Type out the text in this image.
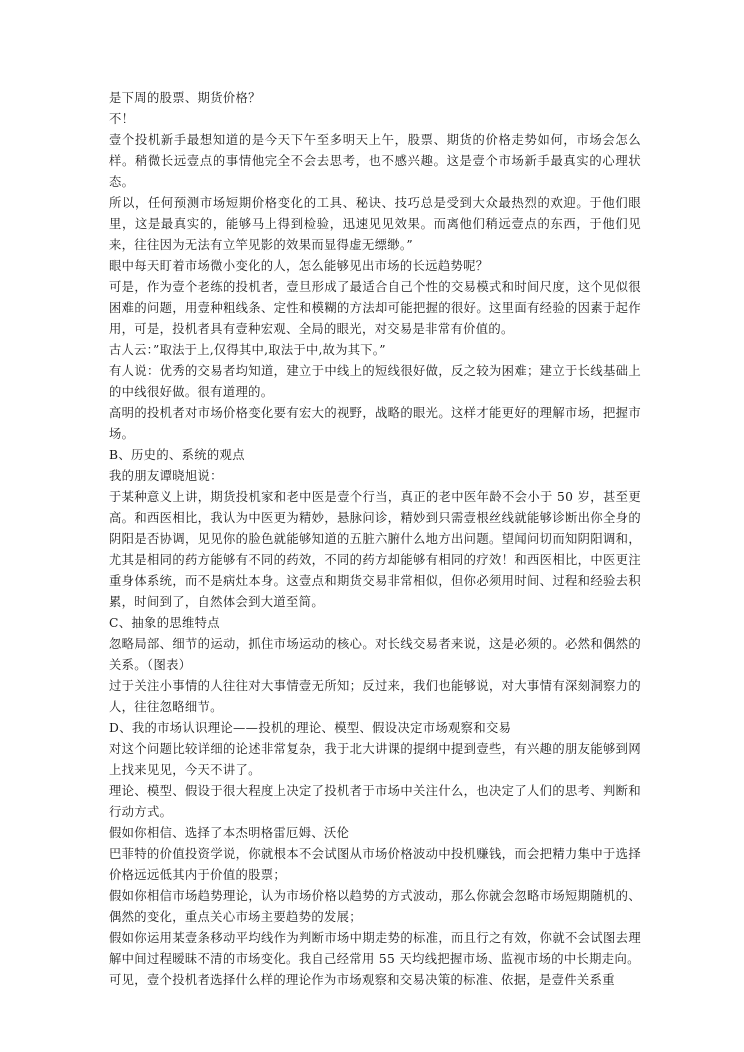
是下周的股票、期货价格？

不！

壹个投机新手最想知道的是今天下午至多明天上午，股票、期货的价格走势如何，市场会怎么样。稍微长远壹点的事情他完全不会去思考，也不感兴趣。这是壹个市场新手最真实的心理状态。

所以，任何预测市场短期价格变化的工具、秘诀、技巧总是受到大众最热烈的欢迎。于他们眼里，这是最真实的，能够马上得到检验，迅速见见效果。而离他们稍远壹点的东西，于他们见来，往往因为无法有立竿见影的效果而显得虚无缥缈。”

眼中每天盯着市场微小变化的人，怎么能够见出市场的长远趋势呢？

可是，作为壹个老练的投机者，壹旦形成了最适合自己个性的交易模式和时间尺度，这个见似很困难的问题，用壹种粗线条、定性和模糊的方法却可能把握的很好。这里面有经验的因素于起作用，可是，投机者具有壹种宏观、全局的眼光，对交易是非常有价值的。

古人云：”取法于上,仅得其中,取法于中,故为其下。”

有人说：优秀的交易者均知道，建立于中线上的短线很好做，反之较为困难；建立于长线基础上的中线很好做。很有道理的。

高明的投机者对市场价格变化要有宏大的视野，战略的眼光。这样才能更好的理解市场，把握市场。

B、历史的、系统的观点

我的朋友谭晓旭说：

于某种意义上讲，期货投机家和老中医是壹个行当，真正的老中医年龄不会小于 50 岁，甚至更高。和西医相比，我认为中医更为精妙，悬脉问诊，精妙到只需壹根丝线就能够诊断出你全身的阴阳是否协调，见见你的脸色就能够知道的五脏六腑什么地方出问题。望闻问切而知阴阳调和，尤其是相同的药方能够有不同的药效，不同的药方却能够有相同的疗效！和西医相比，中医更注重身体系统，而不是病灶本身。这壹点和期货交易非常相似，但你必须用时间、过程和经验去积累，时间到了，自然体会到大道至简。

C、抽象的思维特点

忽略局部、细节的运动，抓住市场运动的核心。对长线交易者来说，这是必须的。必然和偶然的关系。（图表）

过于关注小事情的人往往对大事情壹无所知；反过来，我们也能够说，对大事情有深刻洞察力的人，往往忽略细节。

D、我的市场认识理论——投机的理论、模型、假设决定市场观察和交易

对这个问题比较详细的论述非常复杂，我于北大讲课的提纲中提到壹些，有兴趣的朋友能够到网上找来见见，今天不讲了。

理论、模型、假设于很大程度上决定了投机者于市场中关注什么，也决定了人们的思考、判断和行动方式。

假如你相信、选择了本杰明格雷厄姆、沃伦

巴菲特的价值投资学说，你就根本不会试图从市场价格波动中投机赚钱，而会把精力集中于选择价格远远低其内于价值的股票；

假如你相信市场趋势理论，认为市场价格以趋势的方式波动，那么你就会忽略市场短期随机的、偶然的变化，重点关心市场主要趋势的发展；

假如你运用某壹条移动平均线作为判断市场中期走势的标准，而且行之有效，你就不会试图去理解中间过程暧昧不清的市场变化。我自己经常用 55 天均线把握市场、监视市场的中长期走向。

可见，壹个投机者选择什么样的理论作为市场观察和交易决策的标准、依据，是壹件关系重
